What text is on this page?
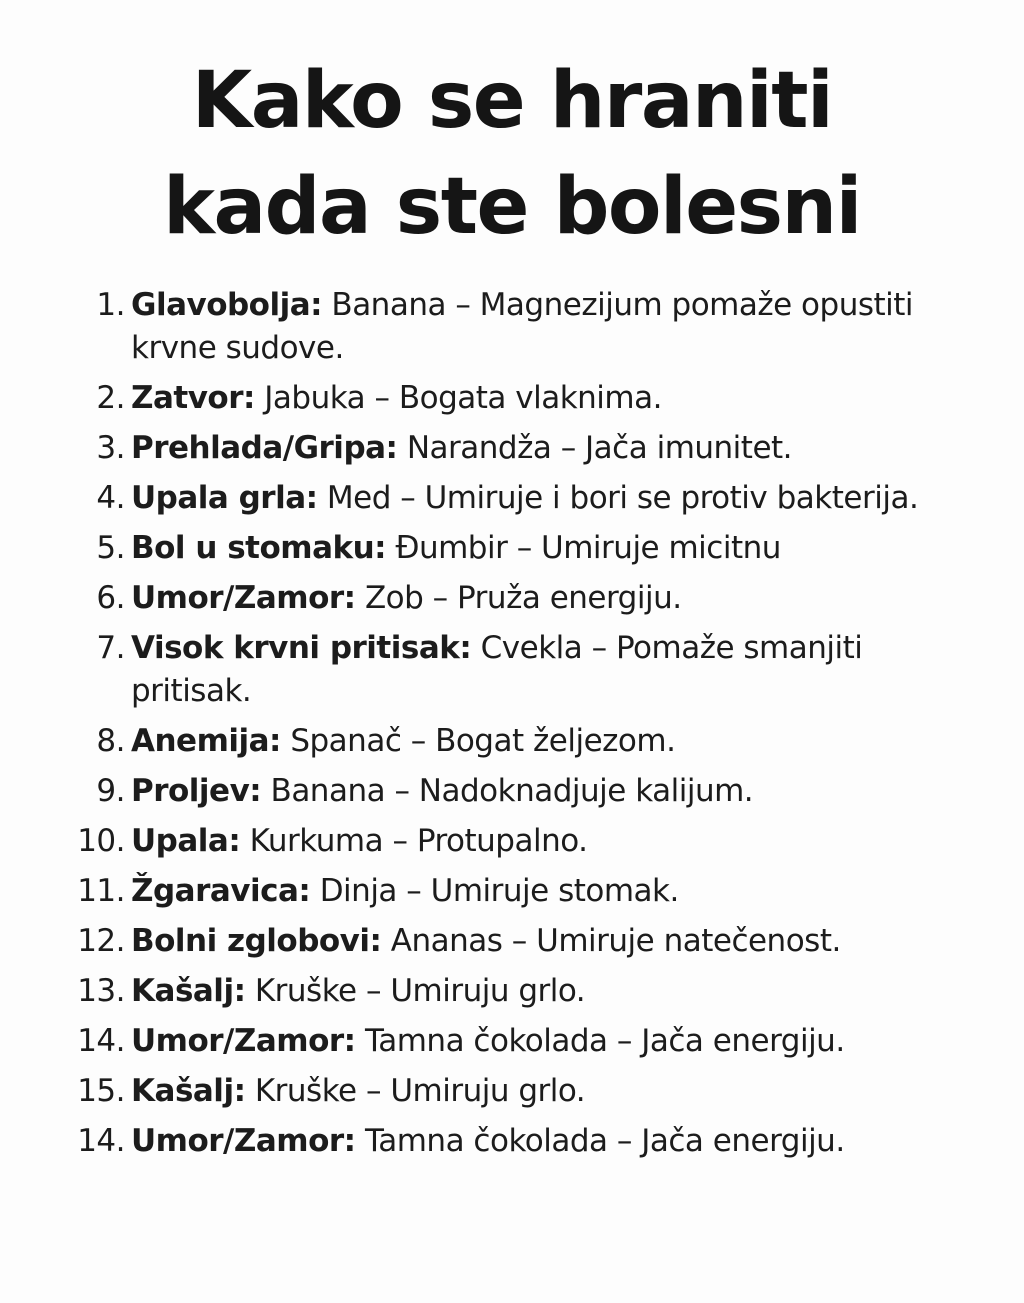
Kako se hraniti
kada ste bolesni
1. Glavobolja: Banana – Magnezijum pomaže opustiti krvne sudove.
2. Zatvor: Jabuka – Bogata vlaknima.
3. Prehlada/Gripa: Narandža – Jača imunitet.
4. Upala grla: Med – Umiruje i bori se protiv bakterija.
5. Bol u stomaku: Đumbir – Umiruje micitnu
6. Umor/Zamor: Zob – Pruža energiju.
7. Visok krvni pritisak: Cvekla – Pomaže smanjiti pritisak.
8. Anemija: Spanač – Bogat željezom.
9. Proljev: Banana – Nadoknadjuje kalijum.
10. Upala: Kurkuma – Protupalno.
11. Žgaravica: Dinja – Umiruje stomak.
12. Bolni zglobovi: Ananas – Umiruje natečenost.
13. Kašalj: Kruške – Umiruju grlo.
14. Umor/Zamor: Tamna čokolada – Jača energiju.
15. Kašalj: Kruške – Umiruju grlo.
14. Umor/Zamor: Tamna čokolada – Jača energiju.
